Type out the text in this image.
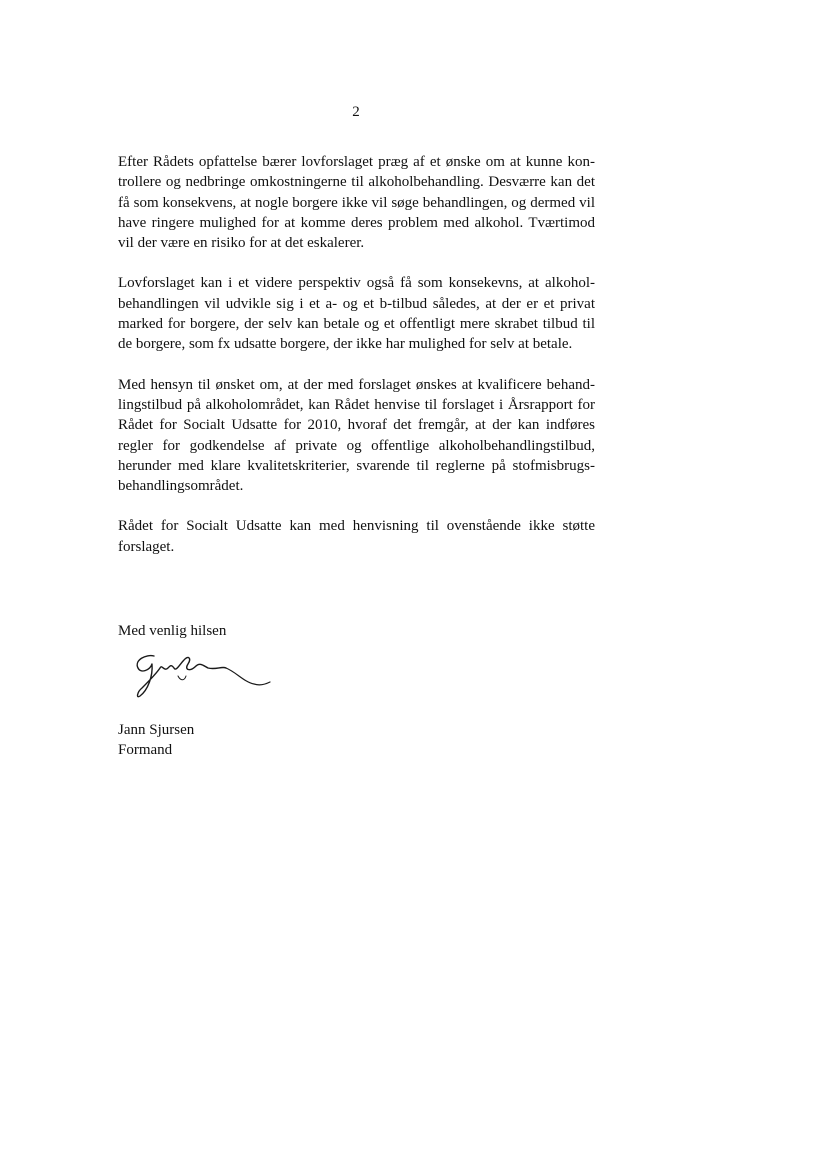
2

Efter Rådets opfattelse bærer lovforslaget præg af et ønske om at kunne kontrollere og nedbringe omkostningerne til alkoholbehandling. Desværre kan det få som konsekvens, at nogle borgere ikke vil søge behandlingen, og dermed vil have ringere mulighed for at komme deres problem med alkohol. Tværtimod vil der være en risiko for at det eskalerer.

Lovforslaget kan i et videre perspektiv også få som konsekevns, at alkoholbehandlingen vil udvikle sig i et a- og et b-tilbud således, at der er et privat marked for borgere, der selv kan betale og et offentligt mere skrabet tilbud til de borgere, som fx udsatte borgere, der ikke har mulighed for selv at betale.

Med hensyn til ønsket om, at der med forslaget ønskes at kvalificere behandlingstilbud på alkoholområdet, kan Rådet henvise til forslaget i Årsrapport for Rådet for Socialt Udsatte for 2010, hvoraf det fremgår, at der kan indføres regler for godkendelse af private og offentlige alkoholbehandlingstilbud, herunder med klare kvalitetskriterier, svarende til reglerne på stofmisbrugsbehandlingsområdet.

Rådet for Socialt Udsatte kan med henvisning til ovenstående ikke støtte forslaget.

Med venlig hilsen
Jann Sjursen
Formand
